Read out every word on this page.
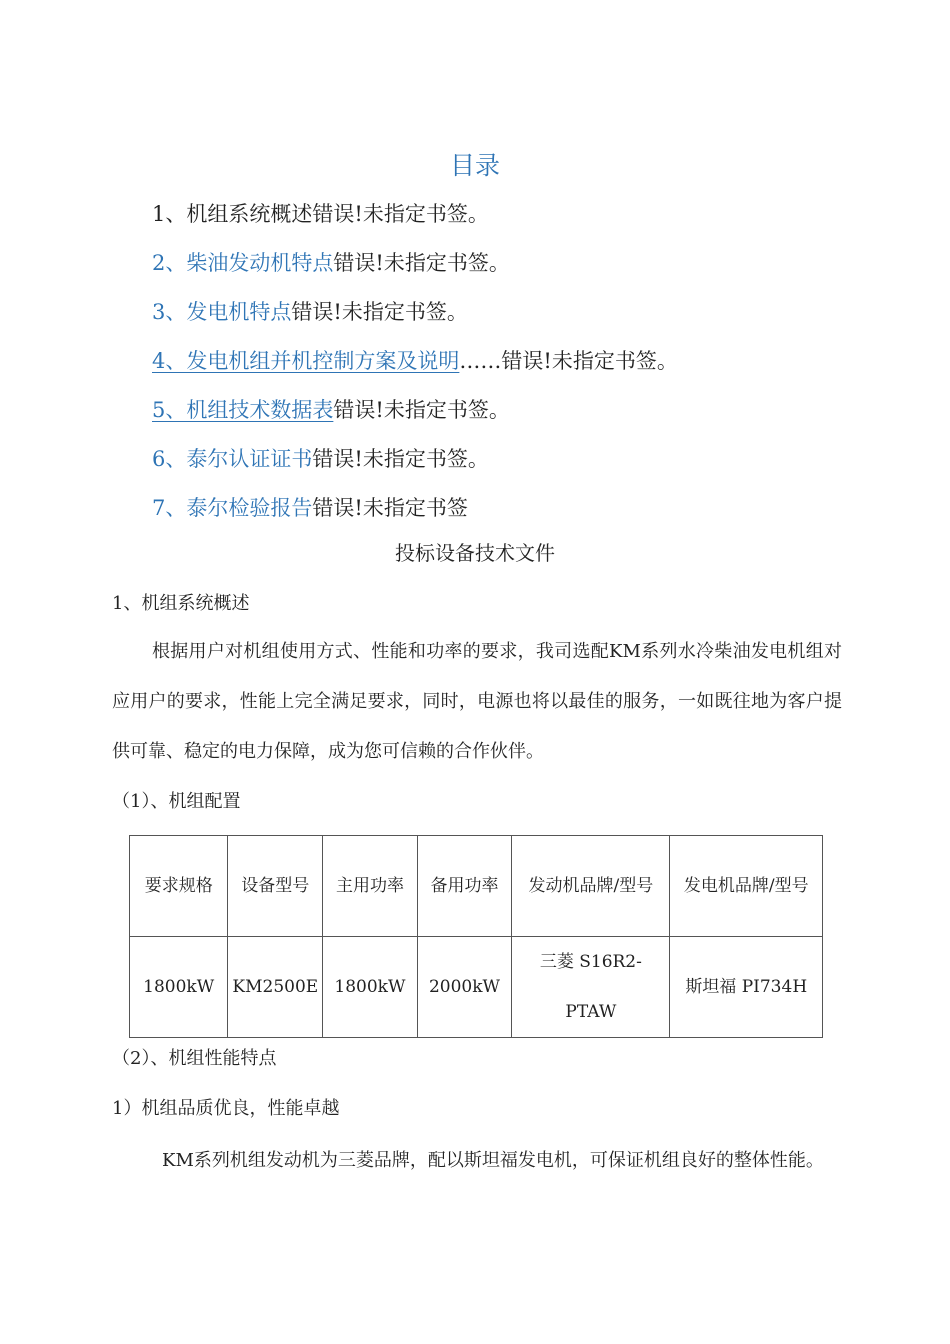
目录
1、机组系统概述错误!未指定书签。
2、柴油发动机特点错误!未指定书签。
3、发电机特点错误!未指定书签。
4、发电机组并机控制方案及说明……错误!未指定书签。
5、机组技术数据表错误!未指定书签。
6、泰尔认证证书错误!未指定书签。
7、泰尔检验报告错误!未指定书签
投标设备技术文件
1、机组系统概述
根据用户对机组使用方式、性能和功率的要求，我司选配KM系列水冷柴油发电机组对应用户的要求，性能上完全满足要求，同时，电源也将以最佳的服务，一如既往地为客户提供可靠、稳定的电力保障，成为您可信赖的合作伙伴。
（1）、机组配置
要求规格	设备型号	主用功率	备用功率	发动机品牌/型号	发电机品牌/型号
1800kW	KM2500E	1800kW	2000kW	三菱 S16R2-PTAW	斯坦福 PI734H
（2）、机组性能特点
1）机组品质优良，性能卓越
KM系列机组发动机为三菱品牌，配以斯坦福发电机，可保证机组良好的整体性能。
